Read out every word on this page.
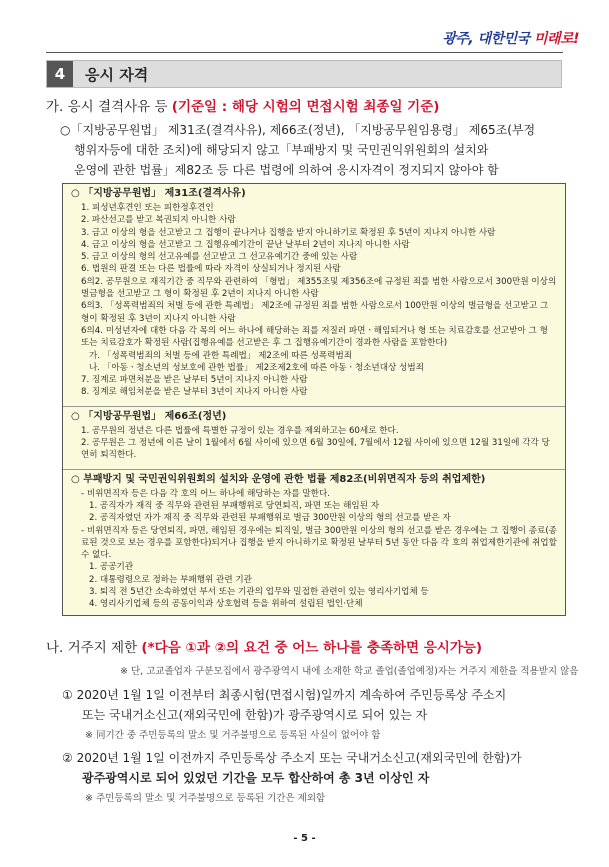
광주, 대한민국 미래로!
4	응시 자격
가. 응시 결격사유 등 (기준일 : 해당 시험의 면접시험 최종일 기준)
○「지방공무원법」 제31조(결격사유), 제66조(정년), 「지방공무원임용령」 제65조(부정
행위자등에 대한 조치)에 해당되지 않고「부패방지 및 국민권익위원회의 설치와
운영에 관한 법률」제82조 등 다른 법령에 의하여 응시자격이 정지되지 않아야 함
○ 「지방공무원법」 제31조(결격사유)
1. 피성년후견인 또는 피한정후견인
2. 파산선고를 받고 복권되지 아니한 사람
3. 금고 이상의 형을 선고받고 그 집행이 끝나거나 집행을 받지 아니하기로 확정된 후 5년이 지나지 아니한 사람
4. 금고 이상의 형을 선고받고 그 집행유예기간이 끝난 날부터 2년이 지나지 아니한 사람
5. 금고 이상의 형의 선고유예를 선고받고 그 선고유예기간 중에 있는 사람
6. 법원의 판결 또는 다른 법률에 따라 자격이 상실되거나 정지된 사람
6의2. 공무원으로 재직기간 중 직무와 관련하여 「형법」 제355조및 제356조에 규정된 죄를 범한 사람으로서 300만원 이상의 벌금형을 선고받고 그 형이 확정된 후 2년이 지나지 아니한 사람
6의3. 「성폭력범죄의 처벌 등에 관한 특례법」 제2조에 규정된 죄를 범한 사람으로서 100만원 이상의 벌금형을 선고받고 그 형이 확정된 후 3년이 지나지 아니한 사람
6의4. 미성년자에 대한 다음 각 목의 어느 하나에 해당하는 죄를 저질러 파면ㆍ해임되거나 형 또는 치료감호를 선고받아 그 형 또는 치료감호가 확정된 사람(집행유예를 선고받은 후 그 집행유예기간이 경과한 사람을 포함한다)
가. 「성폭력범죄의 처벌 등에 관한 특례법」 제2조에 따른 성폭력범죄
나. 「아동ㆍ청소년의 성보호에 관한 법률」 제2조제2호에 따른 아동ㆍ청소년대상 성범죄
7. 징계로 파면처분을 받은 날부터 5년이 지나지 아니한 사람
8. 징계로 해임처분을 받은 날부터 3년이 지나지 아니한 사람
○ 「지방공무원법」 제66조(정년)
1. 공무원의 정년은 다른 법률에 특별한 규정이 있는 경우를 제외하고는 60세로 한다.
2. 공무원은 그 정년에 이른 날이 1월에서 6월 사이에 있으면 6월 30일에, 7월에서 12월 사이에 있으면 12월 31일에 각각 당연히 퇴직한다.
○ 부패방지 및 국민권익위원회의 설치와 운영에 관한 법률 제82조(비위면직자 등의 취업제한)
- 비위면직자 등은 다음 각 호의 어느 하나에 해당하는 자를 말한다.
1. 공직자가 재직 중 직무와 관련된 부패행위로 당연퇴직, 파면 또는 해임된 자
2. 공직자였던 자가 재직 중 직무와 관련된 부패행위로 벌금 300만원 이상의 형의 선고를 받은 자
- 비위면직자 등은 당연퇴직, 파면, 해임된 경우에는 퇴직일, 벌금 300만원 이상의 형의 선고를 받은 경우에는 그 집행이 종료(종료된 것으로 보는 경우를 포함한다)되거나 집행을 받지 아니하기로 확정된 날부터 5년 동안 다음 각 호의 취업제한기관에 취업할 수 없다.
1. 공공기관
2. 대통령령으로 정하는 부패행위 관련 기관
3. 퇴직 전 5년간 소속하였던 부서 또는 기관의 업무와 밀접한 관련이 있는 영리사기업체 등
4. 영리사기업체 등의 공동이익과 상호협력 등을 위하여 설립된 법인·단체
나. 거주지 제한 (*다음 ①과 ②의 요건 중 어느 하나를 충족하면 응시가능)
※ 단, 고교졸업자 구분모집에서 광주광역시 내에 소재한 학교 졸업(졸업예정)자는 거주지 제한을 적용받지 않음
① 2020년 1월 1일 이전부터 최종시험(면접시험)일까지 계속하여 주민등록상 주소지
또는 국내거소신고(재외국민에 한함)가 광주광역시로 되어 있는 자
※ 同기간 중 주민등록의 말소 및 거주불명으로 등록된 사실이 없어야 함
② 2020년 1월 1일 이전까지 주민등록상 주소지 또는 국내거소신고(재외국민에 한함)가
광주광역시로 되어 있었던 기간을 모두 합산하여 총 3년 이상인 자
※ 주민등록의 말소 및 거주불명으로 등록된 기간은 제외함
- 5 -
